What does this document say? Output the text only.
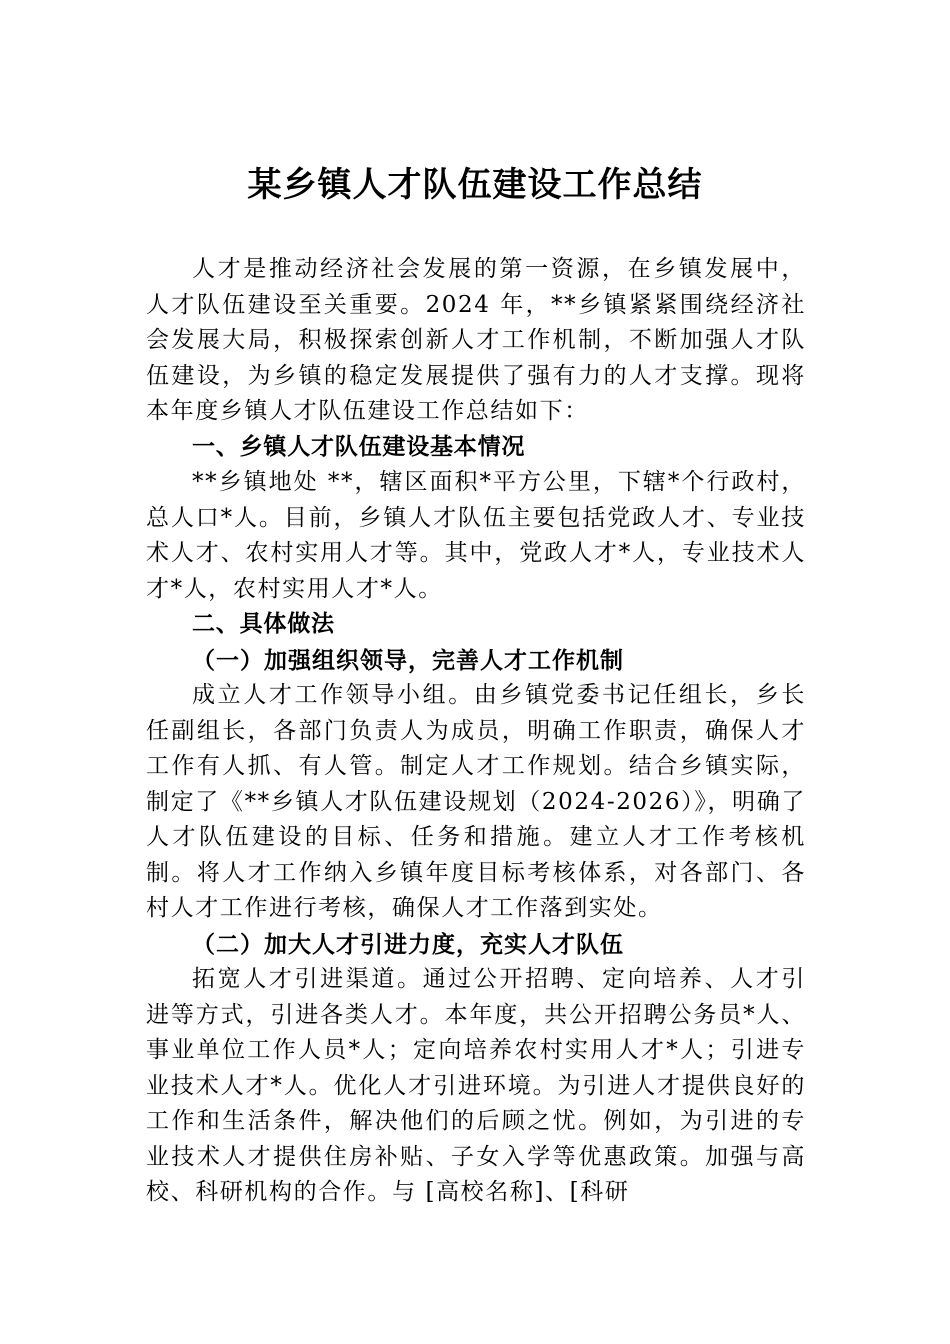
某乡镇人才队伍建设工作总结

人才是推动经济社会发展的第一资源，在乡镇发展中，人才队伍建设至关重要。2024 年，**乡镇紧紧围绕经济社会发展大局，积极探索创新人才工作机制，不断加强人才队伍建设，为乡镇的稳定发展提供了强有力的人才支撑。现将本年度乡镇人才队伍建设工作总结如下：

一、乡镇人才队伍建设基本情况

**乡镇地处 **，辖区面积*平方公里，下辖*个行政村，总人口*人。目前，乡镇人才队伍主要包括党政人才、专业技术人才、农村实用人才等。其中，党政人才*人，专业技术人才*人，农村实用人才*人。

二、具体做法

（一）加强组织领导，完善人才工作机制

成立人才工作领导小组。由乡镇党委书记任组长，乡长任副组长，各部门负责人为成员，明确工作职责，确保人才工作有人抓、有人管。制定人才工作规划。结合乡镇实际，制定了《**乡镇人才队伍建设规划（2024-2026）》，明确了人才队伍建设的目标、任务和措施。建立人才工作考核机制。将人才工作纳入乡镇年度目标考核体系，对各部门、各村人才工作进行考核，确保人才工作落到实处。

（二）加大人才引进力度，充实人才队伍

拓宽人才引进渠道。通过公开招聘、定向培养、人才引进等方式，引进各类人才。本年度，共公开招聘公务员*人、事业单位工作人员*人；定向培养农村实用人才*人；引进专业技术人才*人。优化人才引进环境。为引进人才提供良好的工作和生活条件，解决他们的后顾之忧。例如，为引进的专业技术人才提供住房补贴、子女入学等优惠政策。加强与高校、科研机构的合作。与 [高校名称]、[科研
